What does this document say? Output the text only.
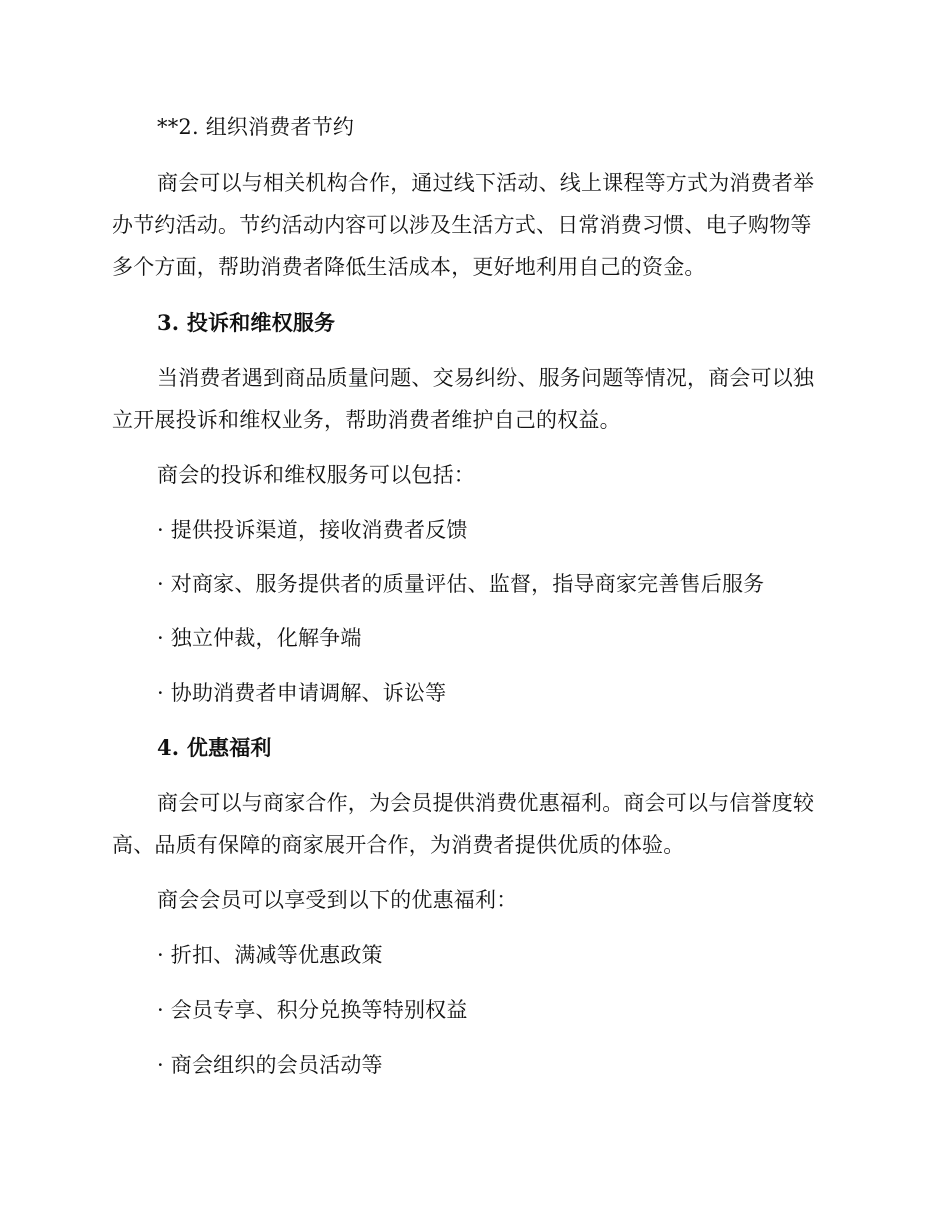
**2. 组织消费者节约
商会可以与相关机构合作，通过线下活动、线上课程等方式为消费者举
办节约活动。节约活动内容可以涉及生活方式、日常消费习惯、电子购物等
多个方面，帮助消费者降低生活成本，更好地利用自己的资金。
3. 投诉和维权服务
当消费者遇到商品质量问题、交易纠纷、服务问题等情况，商会可以独
立开展投诉和维权业务，帮助消费者维护自己的权益。
商会的投诉和维权服务可以包括：
· 提供投诉渠道，接收消费者反馈
· 对商家、服务提供者的质量评估、监督，指导商家完善售后服务
· 独立仲裁，化解争端
· 协助消费者申请调解、诉讼等
4. 优惠福利
商会可以与商家合作，为会员提供消费优惠福利。商会可以与信誉度较
高、品质有保障的商家展开合作，为消费者提供优质的体验。
商会会员可以享受到以下的优惠福利：
· 折扣、满减等优惠政策
· 会员专享、积分兑换等特别权益
· 商会组织的会员活动等
